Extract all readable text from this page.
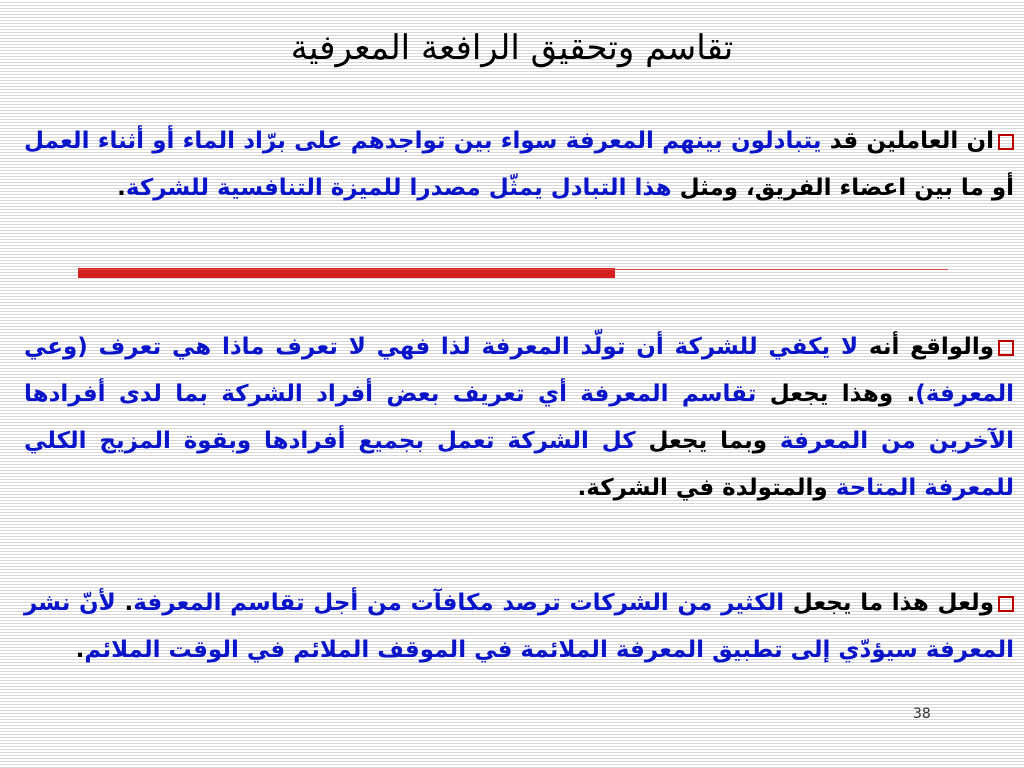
تقاسم وتحقيق الرافعة المعرفية
ان العاملين قد يتبادلون بينهم المعرفة سواء بين تواجدهم على برّاد الماء أو أثناء العمل أو ما بين اعضاء الفريق، ومثل هذا التبادل يمثّل مصدرا للميزة التنافسية للشركة.
والواقع أنه لا يكفي للشركة أن تولّد المعرفة لذا فهي لا تعرف ماذا هي تعرف (وعي المعرفة). وهذا يجعل تقاسم المعرفة أي تعريف بعض أفراد الشركة بما لدى أفرادها الآخرين من المعرفة وبما يجعل كل الشركة تعمل بجميع أفرادها وبقوة المزيج الكلي للمعرفة المتاحة والمتولدة في الشركة.
ولعل هذا ما يجعل الكثير من الشركات ترصد مكافآت من أجل تقاسم المعرفة. لأنّ نشر المعرفة سيؤدّي إلى تطبيق المعرفة الملائمة في الموقف الملائم في الوقت الملائم.
38
